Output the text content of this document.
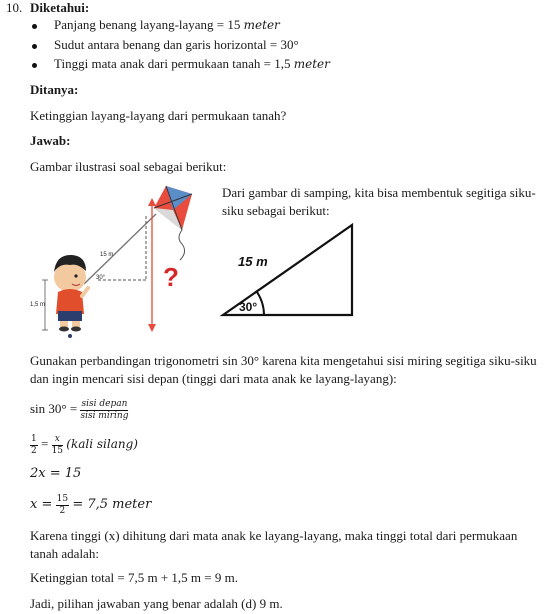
10. Diketahui:
Panjang benang layang-layang = 15 meter
Sudut antara benang dan garis horizontal = 30°
Tinggi mata anak dari permukaan tanah = 1,5 meter
Ditanya:
Ketinggian layang-layang dari permukaan tanah?
Jawab:
Gambar ilustrasi soal sebagai berikut:
?
15 m
30°
1,5 m
Dari gambar di samping, kita bisa membentuk segitiga siku-siku sebagai berikut:
15 m
30°
Gunakan perbandingan trigonometri sin 30° karena kita mengetahui sisi miring segitiga siku-siku dan ingin mencari sisi depan (tinggi dari mata anak ke layang-layang):
$\sin 30^\circ = \frac{\text{sisi depan}}{\text{sisi miring}}$
$\frac{1}{2} = \frac{x}{15}$ (kali silang)
2x = 15
$x = \frac{15}{2} = 7,5$ meter
Karena tinggi (x) dihitung dari mata anak ke layang-layang, maka tinggi total dari permukaan tanah adalah:
Ketinggian total = 7,5 m + 1,5 m = 9 m.
Jadi, pilihan jawaban yang benar adalah (d) 9 m.
